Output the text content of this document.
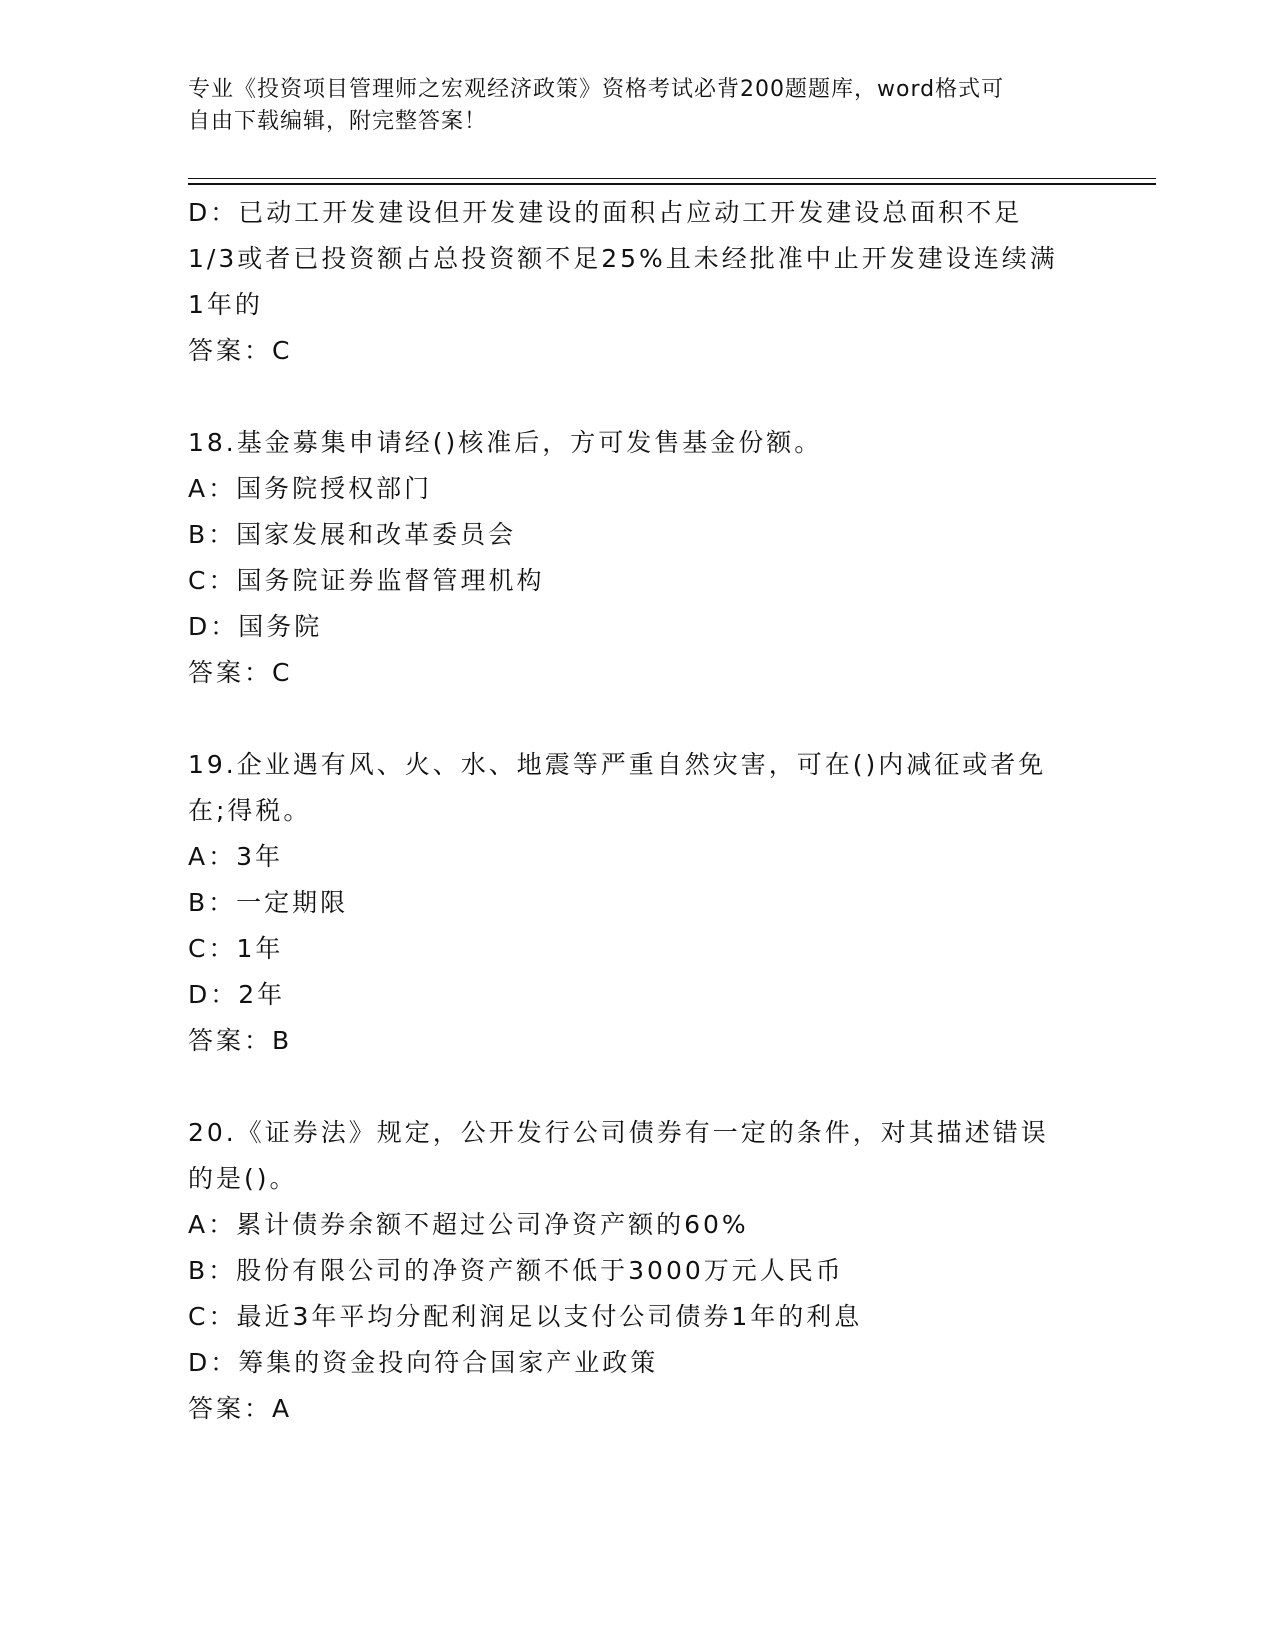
专业《投资项目管理师之宏观经济政策》资格考试必背200题题库，word格式可
自由下载编辑，附完整答案！
D：已动工开发建设但开发建设的面积占应动工开发建设总面积不足
1/3或者已投资额占总投资额不足25%且未经批准中止开发建设连续满
1年的
答案：C
18.基金募集申请经()核准后，方可发售基金份额。
A：国务院授权部门
B：国家发展和改革委员会
C：国务院证券监督管理机构
D：国务院
答案：C
19.企业遇有风、火、水、地震等严重自然灾害，可在()内减征或者免
在;得税。
A：3年
B：一定期限
C：1年
D：2年
答案：B
20.《证券法》规定，公开发行公司债券有一定的条件，对其描述错误
的是()。
A：累计债券余额不超过公司净资产额的60%
B：股份有限公司的净资产额不低于3000万元人民币
C：最近3年平均分配利润足以支付公司债券1年的利息
D：筹集的资金投向符合国家产业政策
答案：A
